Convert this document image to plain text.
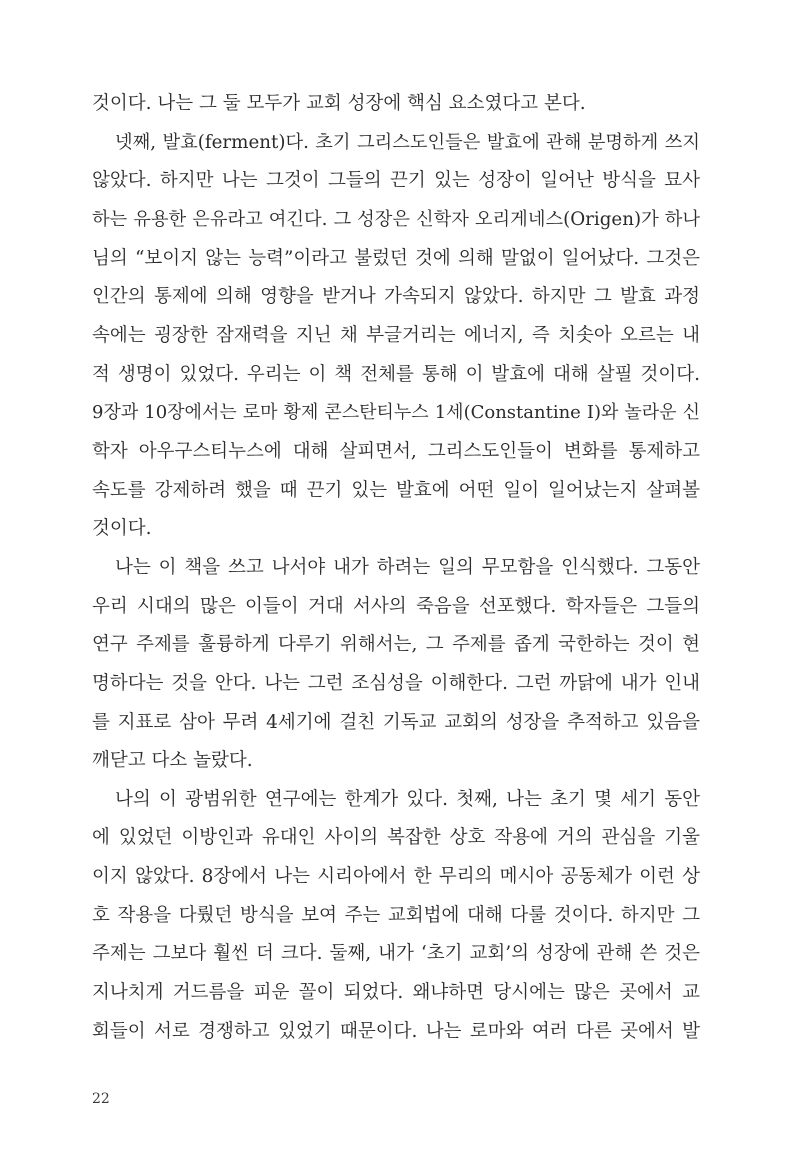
것이다. 나는 그 둘 모두가 교회 성장에 핵심 요소였다고 본다.
넷째, 발효(ferment)다. 초기 그리스도인들은 발효에 관해 분명하게 쓰지
않았다. 하지만 나는 그것이 그들의 끈기 있는 성장이 일어난 방식을 묘사
하는 유용한 은유라고 여긴다. 그 성장은 신학자 오리게네스(Origen)가 하나
님의 “보이지 않는 능력”이라고 불렀던 것에 의해 말없이 일어났다. 그것은
인간의 통제에 의해 영향을 받거나 가속되지 않았다. 하지만 그 발효 과정
속에는 굉장한 잠재력을 지닌 채 부글거리는 에너지, 즉 치솟아 오르는 내
적 생명이 있었다. 우리는 이 책 전체를 통해 이 발효에 대해 살필 것이다.
9장과 10장에서는 로마 황제 콘스탄티누스 1세(Constantine I)와 놀라운 신
학자 아우구스티누스에 대해 살피면서, 그리스도인들이 변화를 통제하고
속도를 강제하려 했을 때 끈기 있는 발효에 어떤 일이 일어났는지 살펴볼
것이다.
나는 이 책을 쓰고 나서야 내가 하려는 일의 무모함을 인식했다. 그동안
우리 시대의 많은 이들이 거대 서사의 죽음을 선포했다. 학자들은 그들의
연구 주제를 훌륭하게 다루기 위해서는, 그 주제를 좁게 국한하는 것이 현
명하다는 것을 안다. 나는 그런 조심성을 이해한다. 그런 까닭에 내가 인내
를 지표로 삼아 무려 4세기에 걸친 기독교 교회의 성장을 추적하고 있음을
깨닫고 다소 놀랐다.
나의 이 광범위한 연구에는 한계가 있다. 첫째, 나는 초기 몇 세기 동안
에 있었던 이방인과 유대인 사이의 복잡한 상호 작용에 거의 관심을 기울
이지 않았다. 8장에서 나는 시리아에서 한 무리의 메시아 공동체가 이런 상
호 작용을 다뤘던 방식을 보여 주는 교회법에 대해 다룰 것이다. 하지만 그
주제는 그보다 훨씬 더 크다. 둘째, 내가 ‘초기 교회’의 성장에 관해 쓴 것은
지나치게 거드름을 피운 꼴이 되었다. 왜냐하면 당시에는 많은 곳에서 교
회들이 서로 경쟁하고 있었기 때문이다. 나는 로마와 여러 다른 곳에서 발
22
